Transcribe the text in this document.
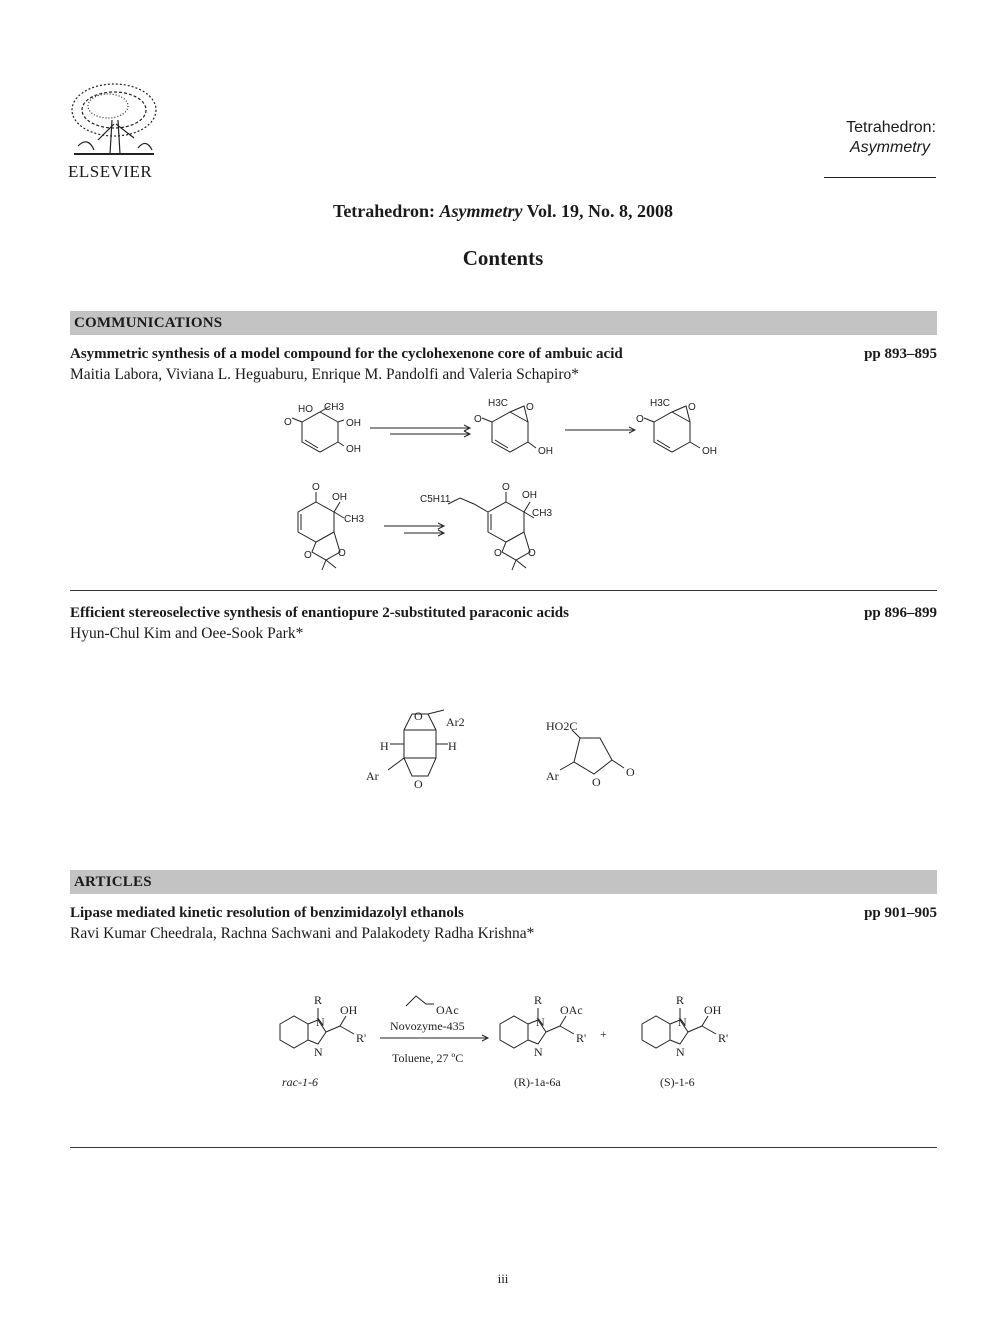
ELSEVIER
Tetrahedron:
Asymmetry
Tetrahedron: Asymmetry Vol. 19, No. 8, 2008
Contents
COMMUNICATIONS
Asymmetric synthesis of a model compound for the cyclohexenone core of ambuic acid	pp 893–895
Maitia Labora, Viviana L. Heguaburu, Enrique M. Pandolfi and Valeria Schapiro*
HO CH3
OH
O
OH
H3C O
O
OH
H3C O
O
OH
O
OH
CH3
O	O
C5H11
O
OH
CH3
O	O
Efficient stereoselective synthesis of enantiopure 2-substituted paraconic acids	pp 896–899
Hyun-Chul Kim and Oee-Sook Park*
O Ar2
H	H
Ar
O
HO2C
Ar	O
O
ARTICLES
Lipase mediated kinetic resolution of benzimidazolyl ethanols	pp 901–905
Ravi Kumar Cheedrala, Rachna Sachwani and Palakodety Radha Krishna*
R
N
N
OH
R'
rac-1-6
OAc
Novozyme-435
Toluene, 27 ºC
R
N
N
OAc
R' +
(R)-1a-6a
R
N
N
OH
R'
(S)-1-6
iii
